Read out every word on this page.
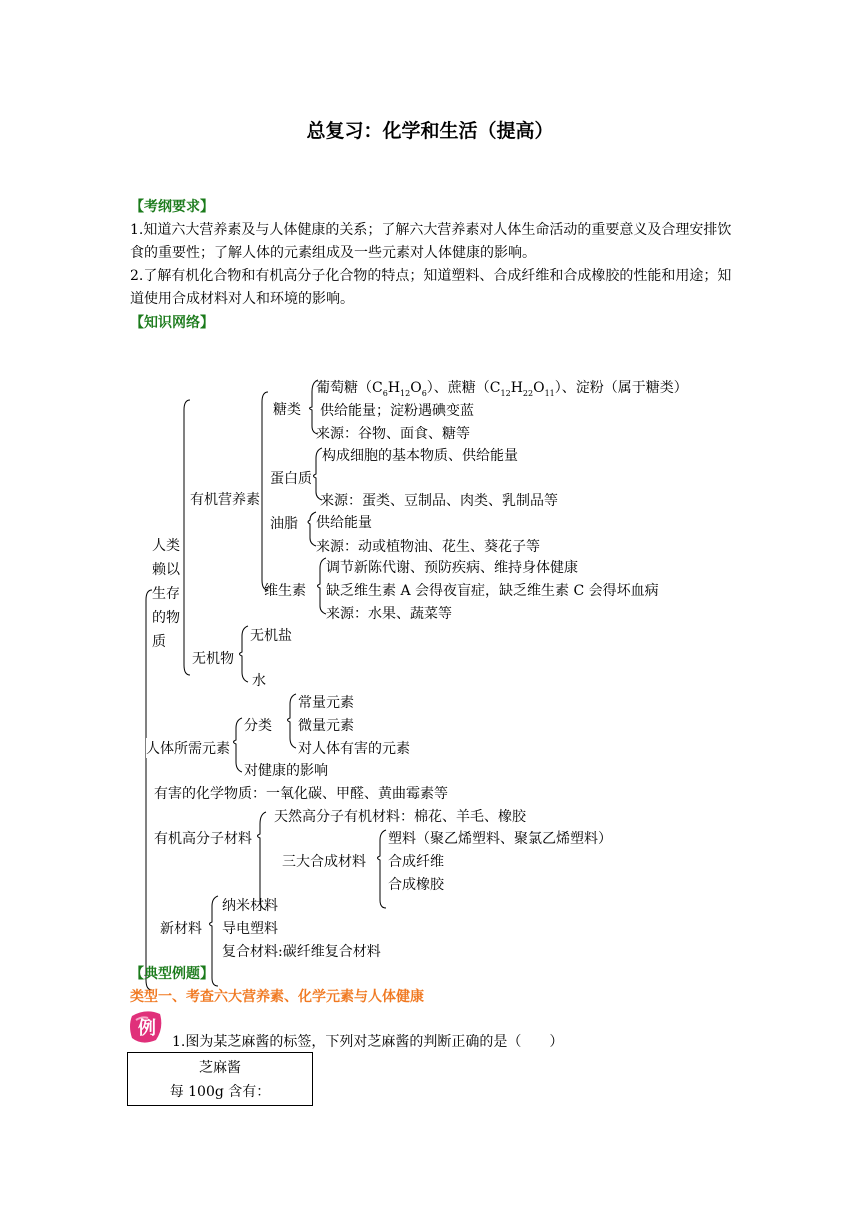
总复习：化学和生活（提高）
【考纲要求】
1.知道六大营养素及与人体健康的关系；了解六大营养素对人体生命活动的重要意义及合理安排饮食的重要性；了解人体的元素组成及一些元素对人体健康的影响。
2.了解有机化合物和有机高分子化合物的特点；知道塑料、合成纤维和合成橡胶的性能和用途；知道使用合成材料对人和环境的影响。
【知识网络】
人类
赖以
生存
的物
质
有机营养素
糖类
葡萄糖$(C_6H_{12}O_6)$、蔗糖$(C_{12}H_{22}O_{11})$、淀粉（属于糖类）
供给能量；淀粉遇碘变蓝
来源：谷物、面食、糖等
蛋白质
构成细胞的基本物质、供给能量
来源：蛋类、豆制品、肉类、乳制品等
油脂 供给能量
来源：动或植物油、花生、葵花子等
维生素
调节新陈代谢、预防疾病、维持身体健康
缺乏维生素 A 会得夜盲症，缺乏维生素 C 会得坏血病
来源：水果、蔬菜等
无机物
无机盐
水
人体所需元素
分类
常量元素
微量元素
对人体有害的元素
对健康的影响
有害的化学物质：一氧化碳、甲醛、黄曲霉素等
有机高分子材料
天然高分子有机材料：棉花、羊毛、橡胶
三大合成材料
塑料（聚乙烯塑料、聚氯乙烯塑料）
合成纤维
合成橡胶
新材料
纳米材料
导电塑料
复合材料:碳纤维复合材料
【典型例题】
类型一、考查六大营养素、化学元素与人体健康
例
1.图为某芝麻酱的标签，下列对芝麻酱的判断正确的是（　　）
芝麻酱
每 100g 含有：
